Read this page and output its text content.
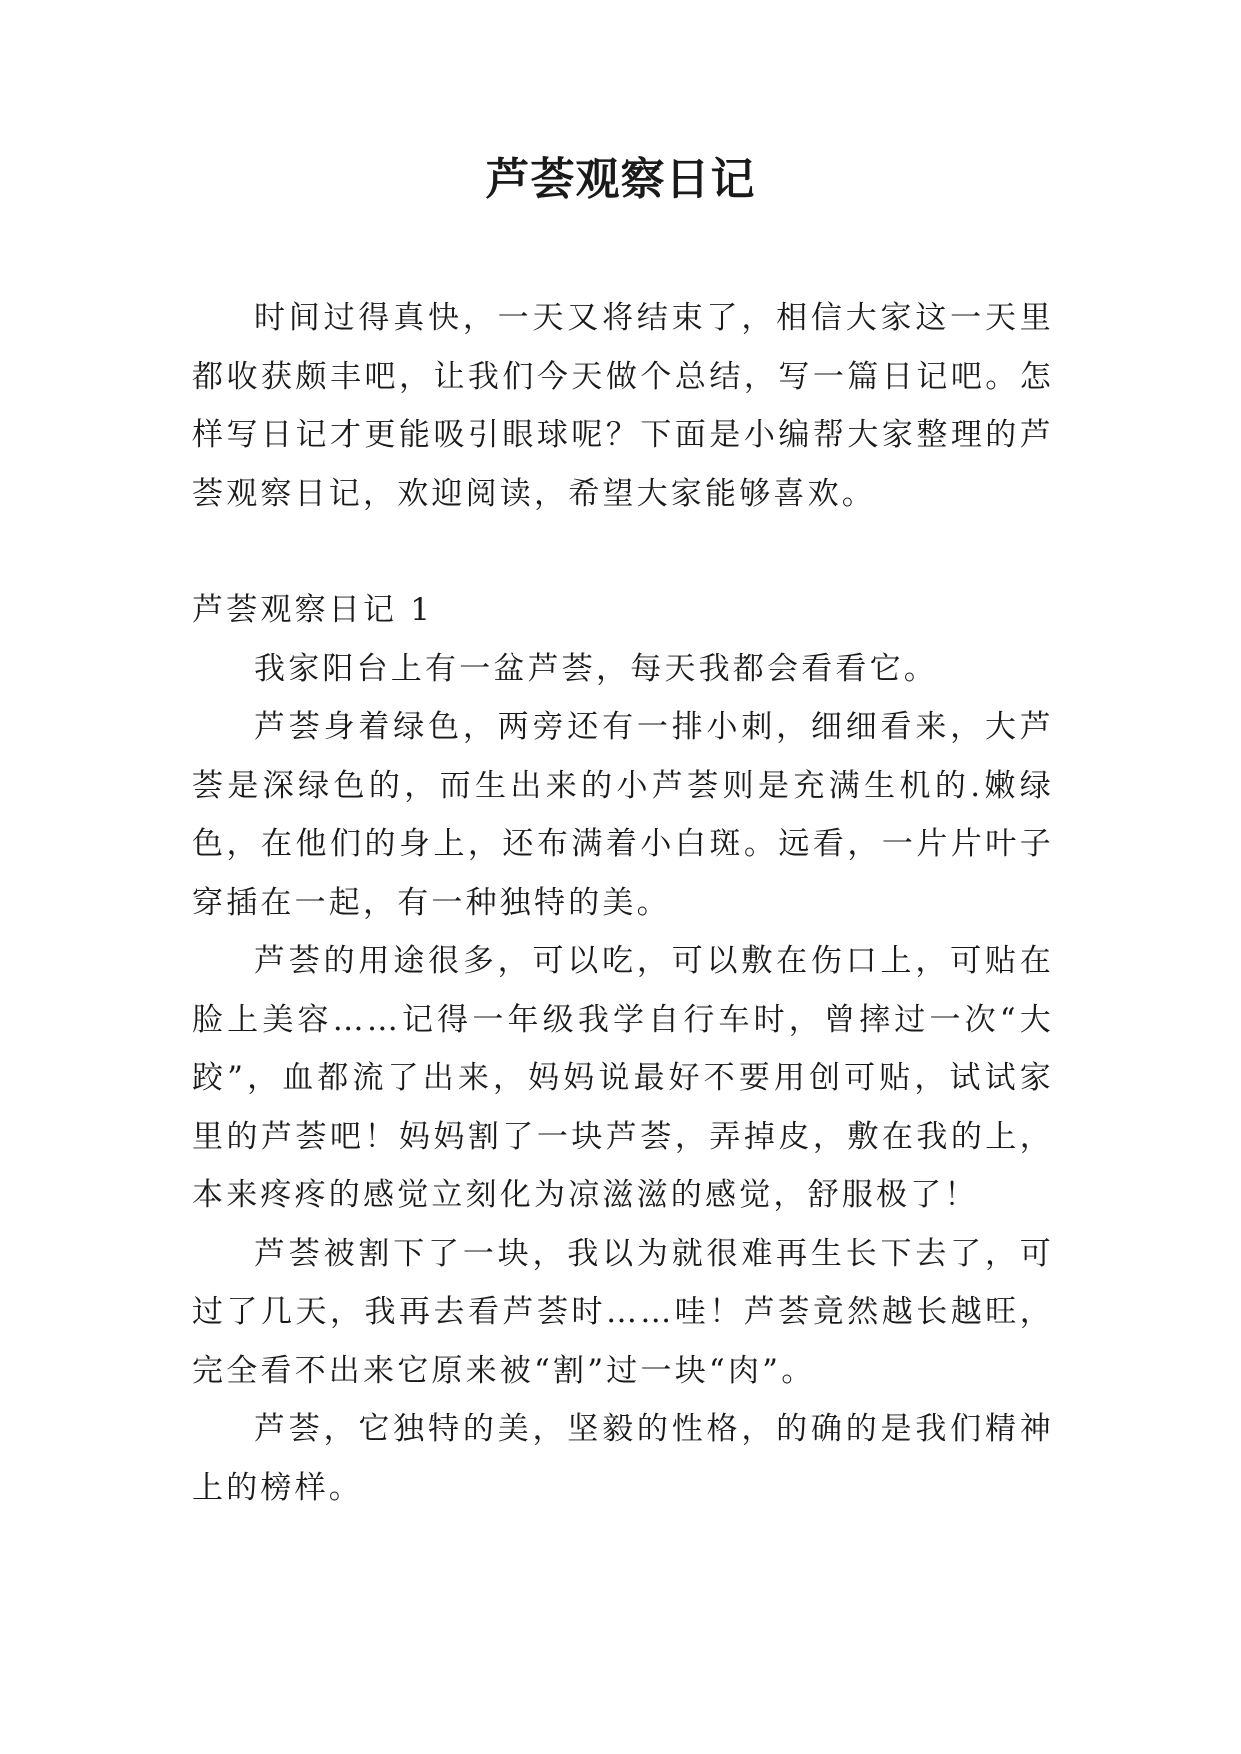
芦荟观察日记

时间过得真快，一天又将结束了，相信大家这一天里都收获颇丰吧，让我们今天做个总结，写一篇日记吧。怎样写日记才更能吸引眼球呢？下面是小编帮大家整理的芦荟观察日记，欢迎阅读，希望大家能够喜欢。

芦荟观察日记 1

我家阳台上有一盆芦荟，每天我都会看看它。

芦荟身着绿色，两旁还有一排小刺，细细看来，大芦荟是深绿色的，而生出来的小芦荟则是充满生机的.嫩绿色，在他们的身上，还布满着小白斑。远看，一片片叶子穿插在一起，有一种独特的美。

芦荟的用途很多，可以吃，可以敷在伤口上，可贴在脸上美容……记得一年级我学自行车时，曾摔过一次“大跤”，血都流了出来，妈妈说最好不要用创可贴，试试家里的芦荟吧！妈妈割了一块芦荟，弄掉皮，敷在我的上，本来疼疼的感觉立刻化为凉滋滋的感觉，舒服极了！

芦荟被割下了一块，我以为就很难再生长下去了，可过了几天，我再去看芦荟时……哇！芦荟竟然越长越旺，完全看不出来它原来被“割”过一块“肉”。

芦荟，它独特的美，坚毅的性格，的确的是我们精神上的榜样。
